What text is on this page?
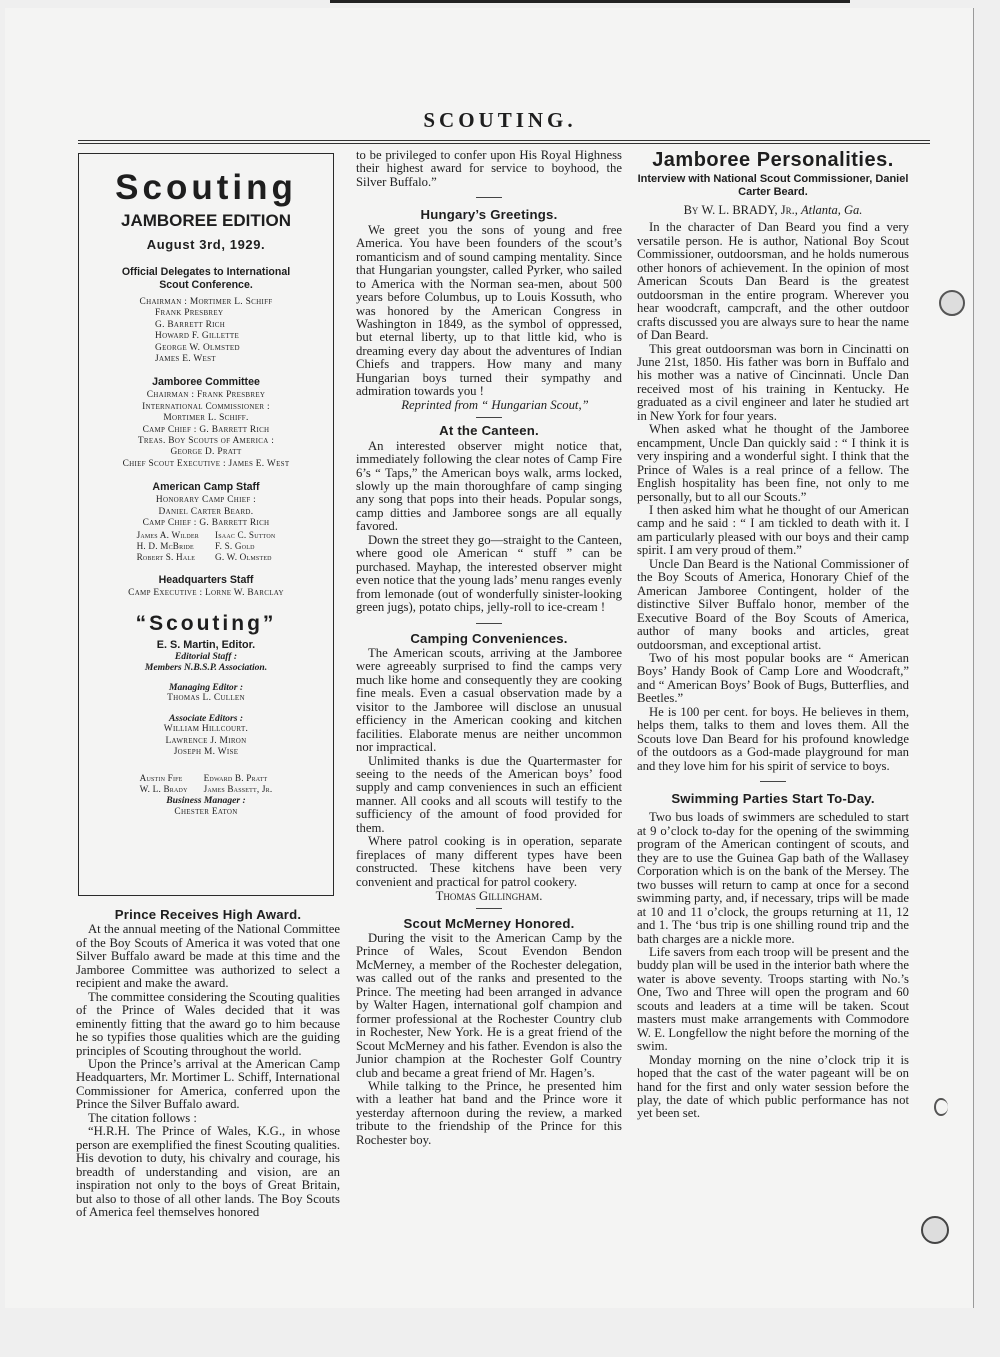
SCOUTING.
Scouting
JAMBOREE EDITION
August 3rd, 1929.
Official Delegates to International Scout Conference.
Chairman : Mortimer L. Schiff
Frank Presbrey
G. Barrett Rich
Howard F. Gillette
George W. Olmsted
James E. West
Jamboree Committee
Chairman : Frank Presbrey
International Commissioner :
Mortimer L. Schiff.
Camp Chief : G. Barrett Rich
Treas. Boy Scouts of America :
George D. Pratt
Chief Scout Executive : James E. West
American Camp Staff
Honorary Camp Chief :
Daniel Carter Beard.
Camp Chief : G. Barrett Rich
James A. Wilder
H. D. McBride
Robert S. Hale
Isaac C. Sutton
F. S. Gold
G. W. Olmsted
Headquarters Staff
Camp Executive : Lorne W. Barclay
“Scouting”
E. S. Martin, Editor.
Editorial Staff :
Members N.B.S.P. Association.
Managing Editor :
Thomas L. Cullen
Associate Editors :
William Hillcourt.
Lawrence J. Miron
Joseph M. Wise
Austin Fife
W. L. Brady
Edward B. Pratt
James Bassett, Jr.
Business Manager :
Chester Eaton
Prince Receives High Award.

At the annual meeting of the National Committee of the Boy Scouts of America it was voted that one Silver Buffalo award be made at this time and the Jamboree Committee was authorized to select a recipient and make the award.

The committee considering the Scouting qualities of the Prince of Wales decided that it was eminently fitting that the award go to him because he so typifies those qualities which are the guiding principles of Scouting throughout the world.

Upon the Prince’s arrival at the American Camp Headquarters, Mr. Mortimer L. Schiff, International Commissioner for America, conferred upon the Prince the Silver Buffalo award.

The citation follows :

“H.R.H. The Prince of Wales, K.G., in whose person are exemplified the finest Scouting qualities. His devotion to duty, his chivalry and courage, his breadth of understanding and vision, are an inspiration not only to the boys of Great Britain, but also to those of all other lands. The Boy Scouts of America feel themselves honored

to be privileged to confer upon His Royal Highness their highest award for service to boyhood, the Silver Buffalo.”

Hungary’s Greetings.

We greet you the sons of young and free America. You have been founders of the scout’s romanticism and of sound camping mentality. Since that Hungarian youngster, called Pyrker, who sailed to America with the Norman sea-men, about 500 years before Columbus, up to Louis Kossuth, who was honored by the American Congress in Washington in 1849, as the symbol of oppressed, but eternal liberty, up to that little kid, who is dreaming every day about the adventures of Indian Chiefs and trappers. How many and many Hungarian boys turned their sympathy and admiration towards you !

Reprinted from “ Hungarian Scout,”

At the Canteen.

An interested observer might notice that, immediately following the clear notes of Camp Fire 6’s “ Taps,” the American boys walk, arms locked, slowly up the main thoroughfare of camp singing any song that pops into their heads. Popular songs, camp ditties and Jamboree songs are all equally favored.

Down the street they go—straight to the Canteen, where good ole American “ stuff ” can be purchased. Mayhap, the interested observer might even notice that the young lads’ menu ranges evenly from lemonade (out of wonderfully sinister-looking green jugs), potato chips, jelly-roll to ice-cream !

Camping Conveniences.

The American scouts, arriving at the Jamboree were agreeably surprised to find the camps very much like home and consequently they are cooking fine meals. Even a casual observation made by a visitor to the Jamboree will disclose an unusual efficiency in the American cooking and kitchen facilities. Elaborate menus are neither uncommon nor impractical.

Unlimited thanks is due the Quartermaster for seeing to the needs of the American boys’ food supply and camp conveniences in such an efficient manner. All cooks and all scouts will testify to the sufficiency of the amount of food provided for them.

Where patrol cooking is in operation, separate fireplaces of many different types have been constructed. These kitchens have been very convenient and practical for patrol cookery.

Thomas Gillingham.
Scout McMerney Honored.

During the visit to the American Camp by the Prince of Wales, Scout Evendon Bendon McMerney, a member of the Rochester delegation, was called out of the ranks and presented to the Prince. The meeting had been arranged in advance by Walter Hagen, international golf champion and former professional at the Rochester Country club in Rochester, New York. He is a great friend of the Scout McMerney and his father. Evendon is also the Junior champion at the Rochester Golf Country club and became a great friend of Mr. Hagen’s.

While talking to the Prince, he presented him with a leather hat band and the Prince wore it yesterday afternoon during the review, a marked tribute to the friendship of the Prince for this Rochester boy.

Jamboree Personalities.
Interview with National Scout Commissioner, Daniel Carter Beard.
By W. L. BRADY, Jr., Atlanta, Ga.

In the character of Dan Beard you find a very versatile person. He is author, National Boy Scout Commissioner, outdoorsman, and he holds numerous other honors of achievement. In the opinion of most American Scouts Dan Beard is the greatest outdoorsman in the entire program. Wherever you hear woodcraft, campcraft, and the other outdoor crafts discussed you are always sure to hear the name of Dan Beard.

This great outdoorsman was born in Cincinatti on June 21st, 1850. His father was born in Buffalo and his mother was a native of Cincinnati. Uncle Dan received most of his training in Kentucky. He graduated as a civil engineer and later he studied art in New York for four years.

When asked what he thought of the Jamboree encampment, Uncle Dan quickly said : “ I think it is very inspiring and a wonderful sight. I think that the Prince of Wales is a real prince of a fellow. The English hospitality has been fine, not only to me personally, but to all our Scouts.”

I then asked him what he thought of our American camp and he said : “ I am tickled to death with it. I am particularly pleased with our boys and their camp spirit. I am very proud of them.”

Uncle Dan Beard is the National Commissioner of the Boy Scouts of America, Honorary Chief of the American Jamboree Contingent, holder of the distinctive Silver Buffalo honor, member of the Executive Board of the Boy Scouts of America, author of many books and articles, great outdoorsman, and exceptional artist.

Two of his most popular books are “ American Boys’ Handy Book of Camp Lore and Woodcraft,” and “ American Boys’ Book of Bugs, Butterflies, and Beetles.”

He is 100 per cent. for boys. He believes in them, helps them, talks to them and loves them. All the Scouts love Dan Beard for his profound knowledge of the outdoors as a God-made playground for man and they love him for his spirit of service to boys.

Swimming Parties Start To-Day.

Two bus loads of swimmers are scheduled to start at 9 o’clock to-day for the opening of the swimming program of the American contingent of scouts, and they are to use the Guinea Gap bath of the Wallasey Corporation which is on the bank of the Mersey. The two busses will return to camp at once for a second swimming party, and, if necessary, trips will be made at 10 and 11 o’clock, the groups returning at 11, 12 and 1. The ‘bus trip is one shilling round trip and the bath charges are a nickle more.

Life savers from each troop will be present and the buddy plan will be used in the interior bath where the water is above seventy. Troops starting with No.’s One, Two and Three will open the program and 60 scouts and leaders at a time will be taken. Scout masters must make arrangements with Commodore W. E. Longfellow the night before the morning of the swim.

Monday morning on the nine o’clock trip it is hoped that the cast of the water pageant will be on hand for the first and only water session before the play, the date of which public performance has not yet been set.
